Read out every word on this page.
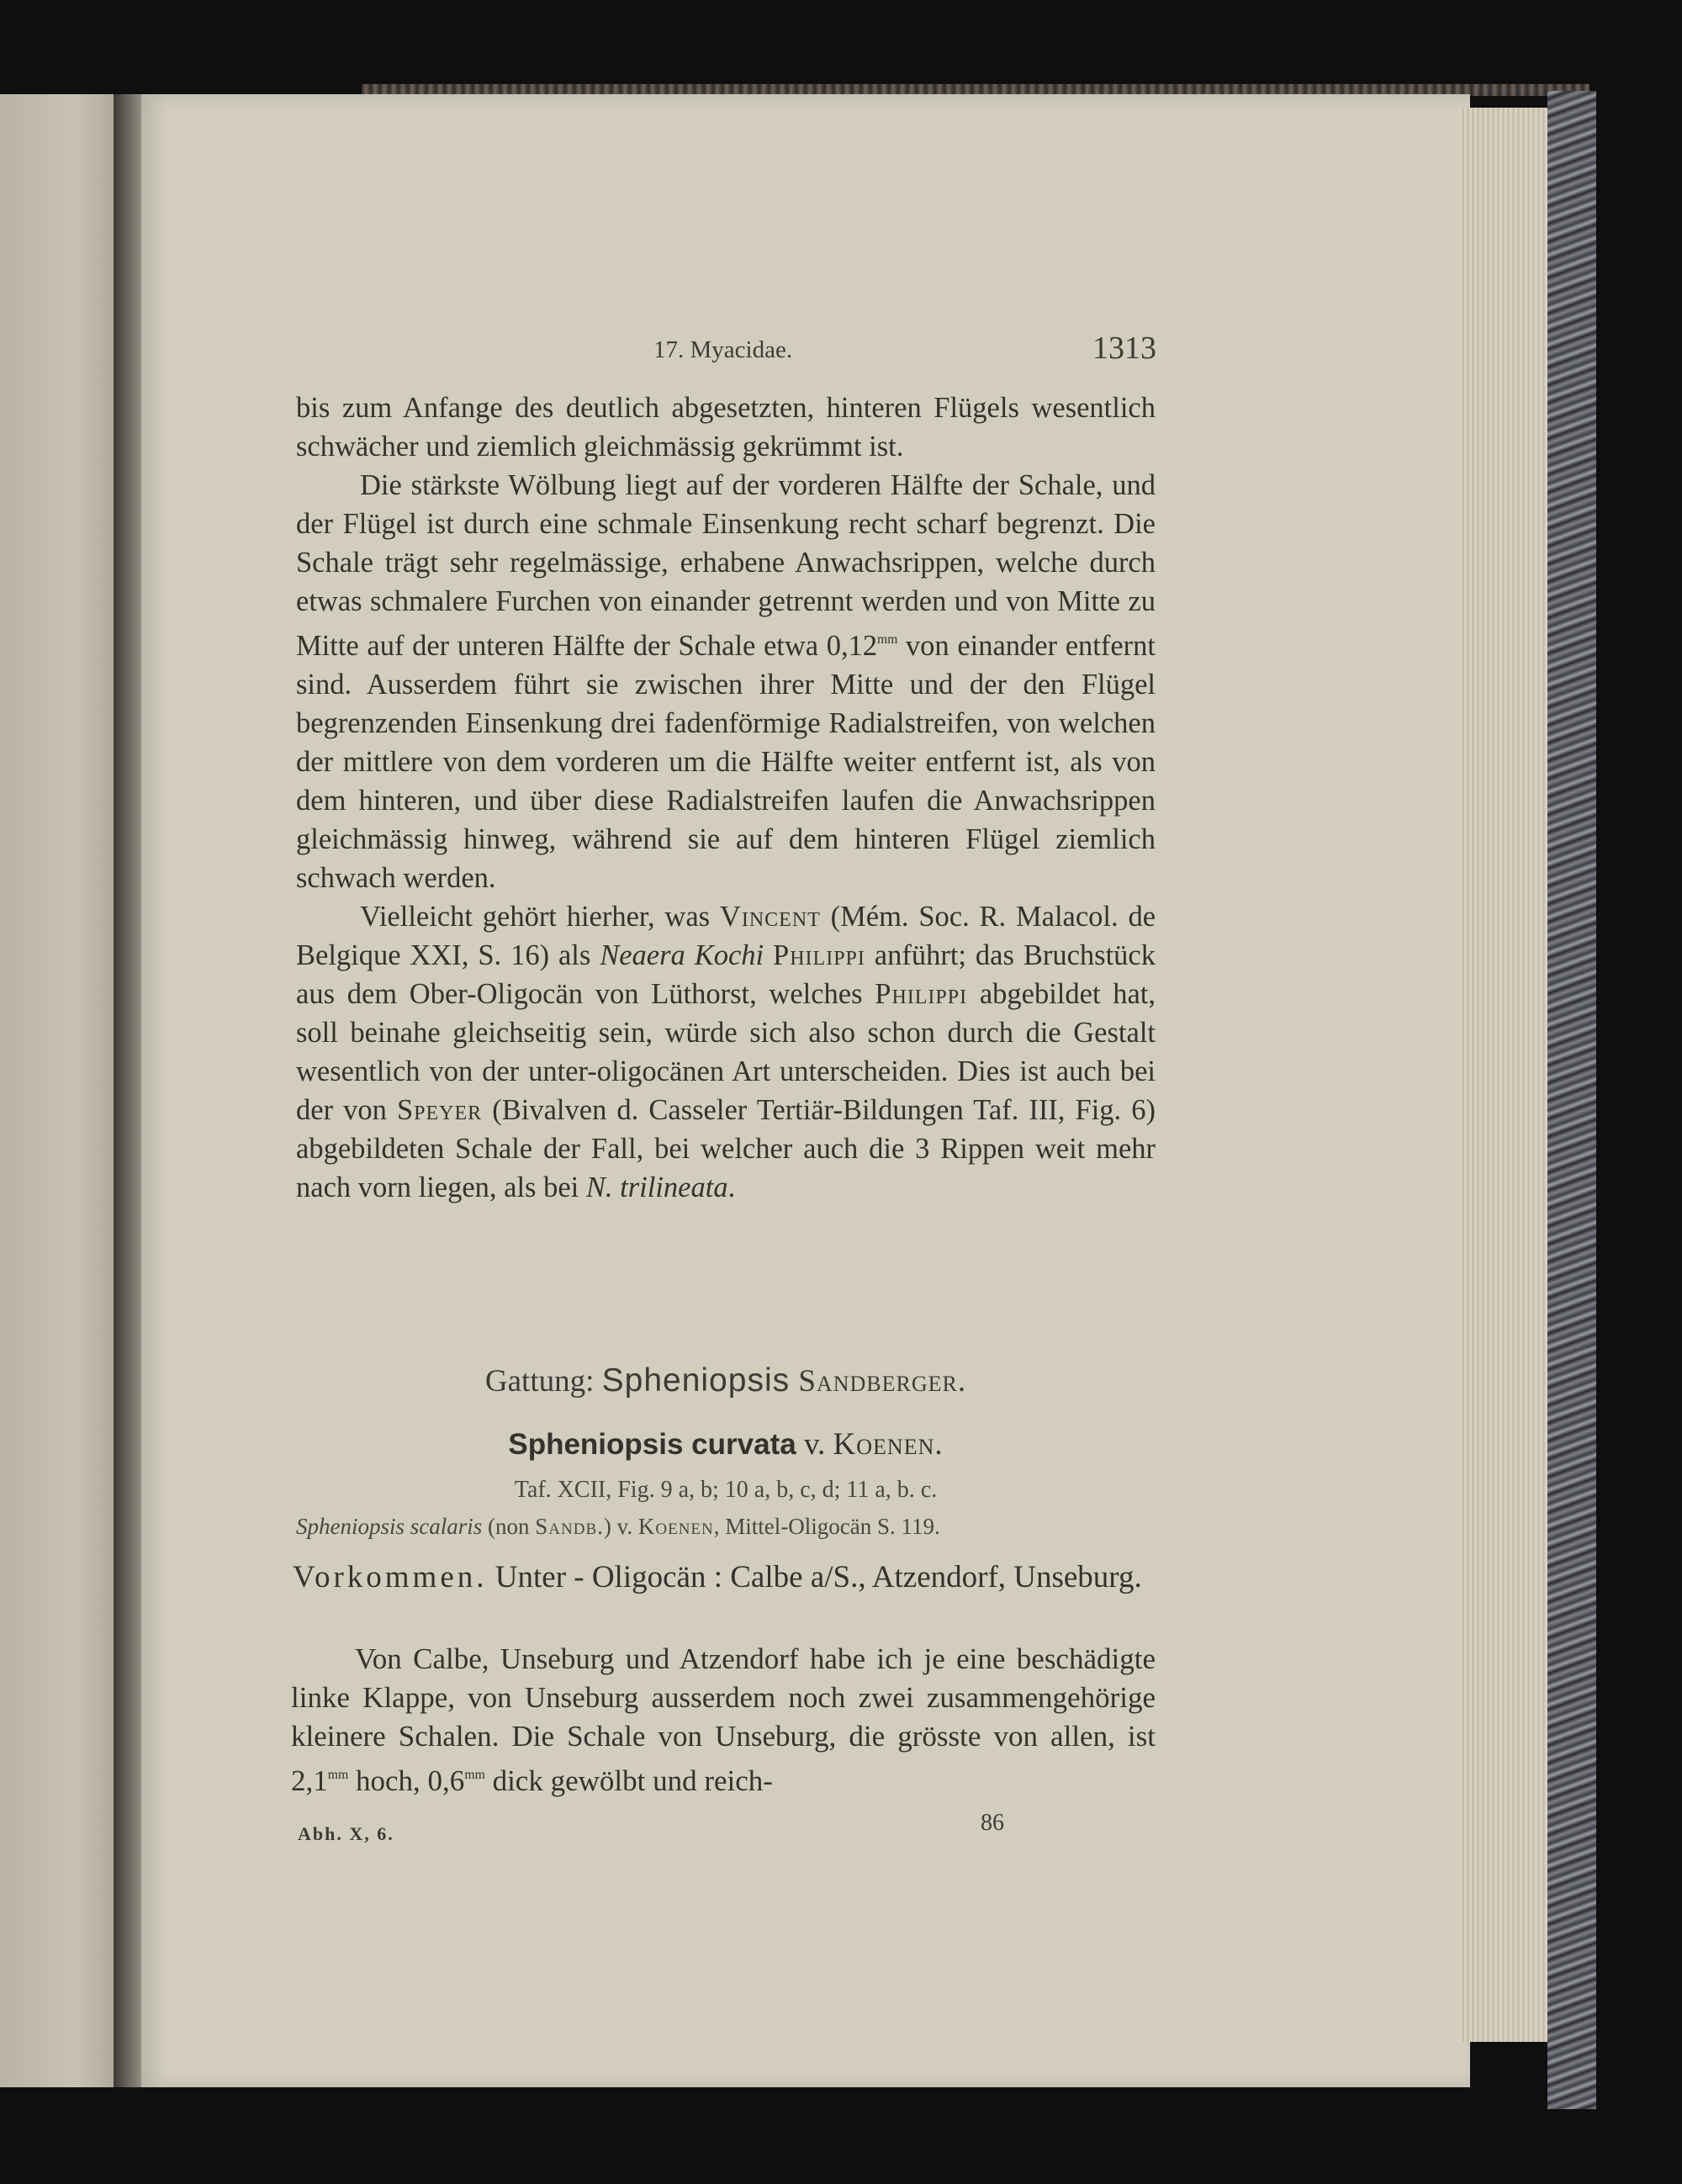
17. Myacidae.	1313

bis zum Anfange des deutlich abgesetzten, hinteren Flügels wesentlich schwächer und ziemlich gleichmässig gekrümmt ist.

Die stärkste Wölbung liegt auf der vorderen Hälfte der Schale, und der Flügel ist durch eine schmale Einsenkung recht scharf begrenzt. Die Schale trägt sehr regelmässige, erhabene Anwachsrippen, welche durch etwas schmalere Furchen von einander getrennt werden und von Mitte zu Mitte auf der unteren Hälfte der Schale etwa $0,12^{mm}$ von einander entfernt sind. Ausserdem führt sie zwischen ihrer Mitte und der den Flügel begrenzenden Einsenkung drei fadenförmige Radialstreifen, von welchen der mittlere von dem vorderen um die Hälfte weiter entfernt ist, als von dem hinteren, und über diese Radialstreifen laufen die Anwachsrippen gleichmässig hinweg, während sie auf dem hinteren Flügel ziemlich schwach werden.

Vielleicht gehört hierher, was Vincent (Mém. Soc. R. Malacol. de Belgique XXI, S. 16) als Neaera Kochi Philippi anführt; das Bruchstück aus dem Ober-Oligocän von Lüthorst, welches Philippi abgebildet hat, soll beinahe gleichseitig sein, würde sich also schon durch die Gestalt wesentlich von der unter-oligocänen Art unterscheiden. Dies ist auch bei der von Speyer (Bivalven d. Casseler Tertiär-Bildungen Taf. III, Fig. 6) abgebildeten Schale der Fall, bei welcher auch die 3 Rippen weit mehr nach vorn liegen, als bei N. trilineata.

Gattung: Spheniopsis Sandberger.
Spheniopsis curvata v. Koenen.
Taf. XCII, Fig. 9 a, b; 10 a, b, c, d; 11 a, b. c.
Spheniopsis scalaris (non Sandb.) v. Koenen, Mittel-Oligocän S. 119.
Vorkommen. Unter - Oligocän : Calbe a/S., Atzendorf, Unseburg.
Von Calbe, Unseburg und Atzendorf habe ich je eine beschädigte linke Klappe, von Unseburg ausserdem noch zwei zusammengehörige kleinere Schalen. Die Schale von Unseburg, die grösste von allen, ist $2,1^{mm}$ hoch, $0,6^{mm}$ dick gewölbt und reich-
Abh. X, 6.	86
